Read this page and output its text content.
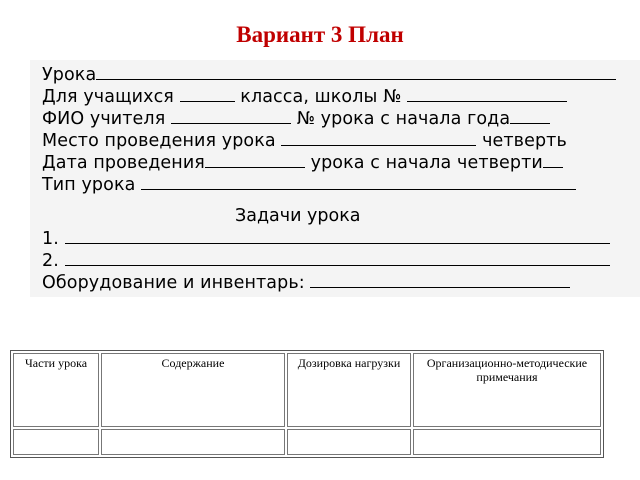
Вариант 3 План
Урока
Для учащихся	класса, школы №
ФИО учителя	№ урока с начала года
Место проведения урока	четверть
Дата проведения	урока с начала четверти
Тип урока
Задачи урока
1.
2.
Оборудование и инвентарь:
Части урока	Содержание	Дозировка нагрузки	Организационно-методические примечания
